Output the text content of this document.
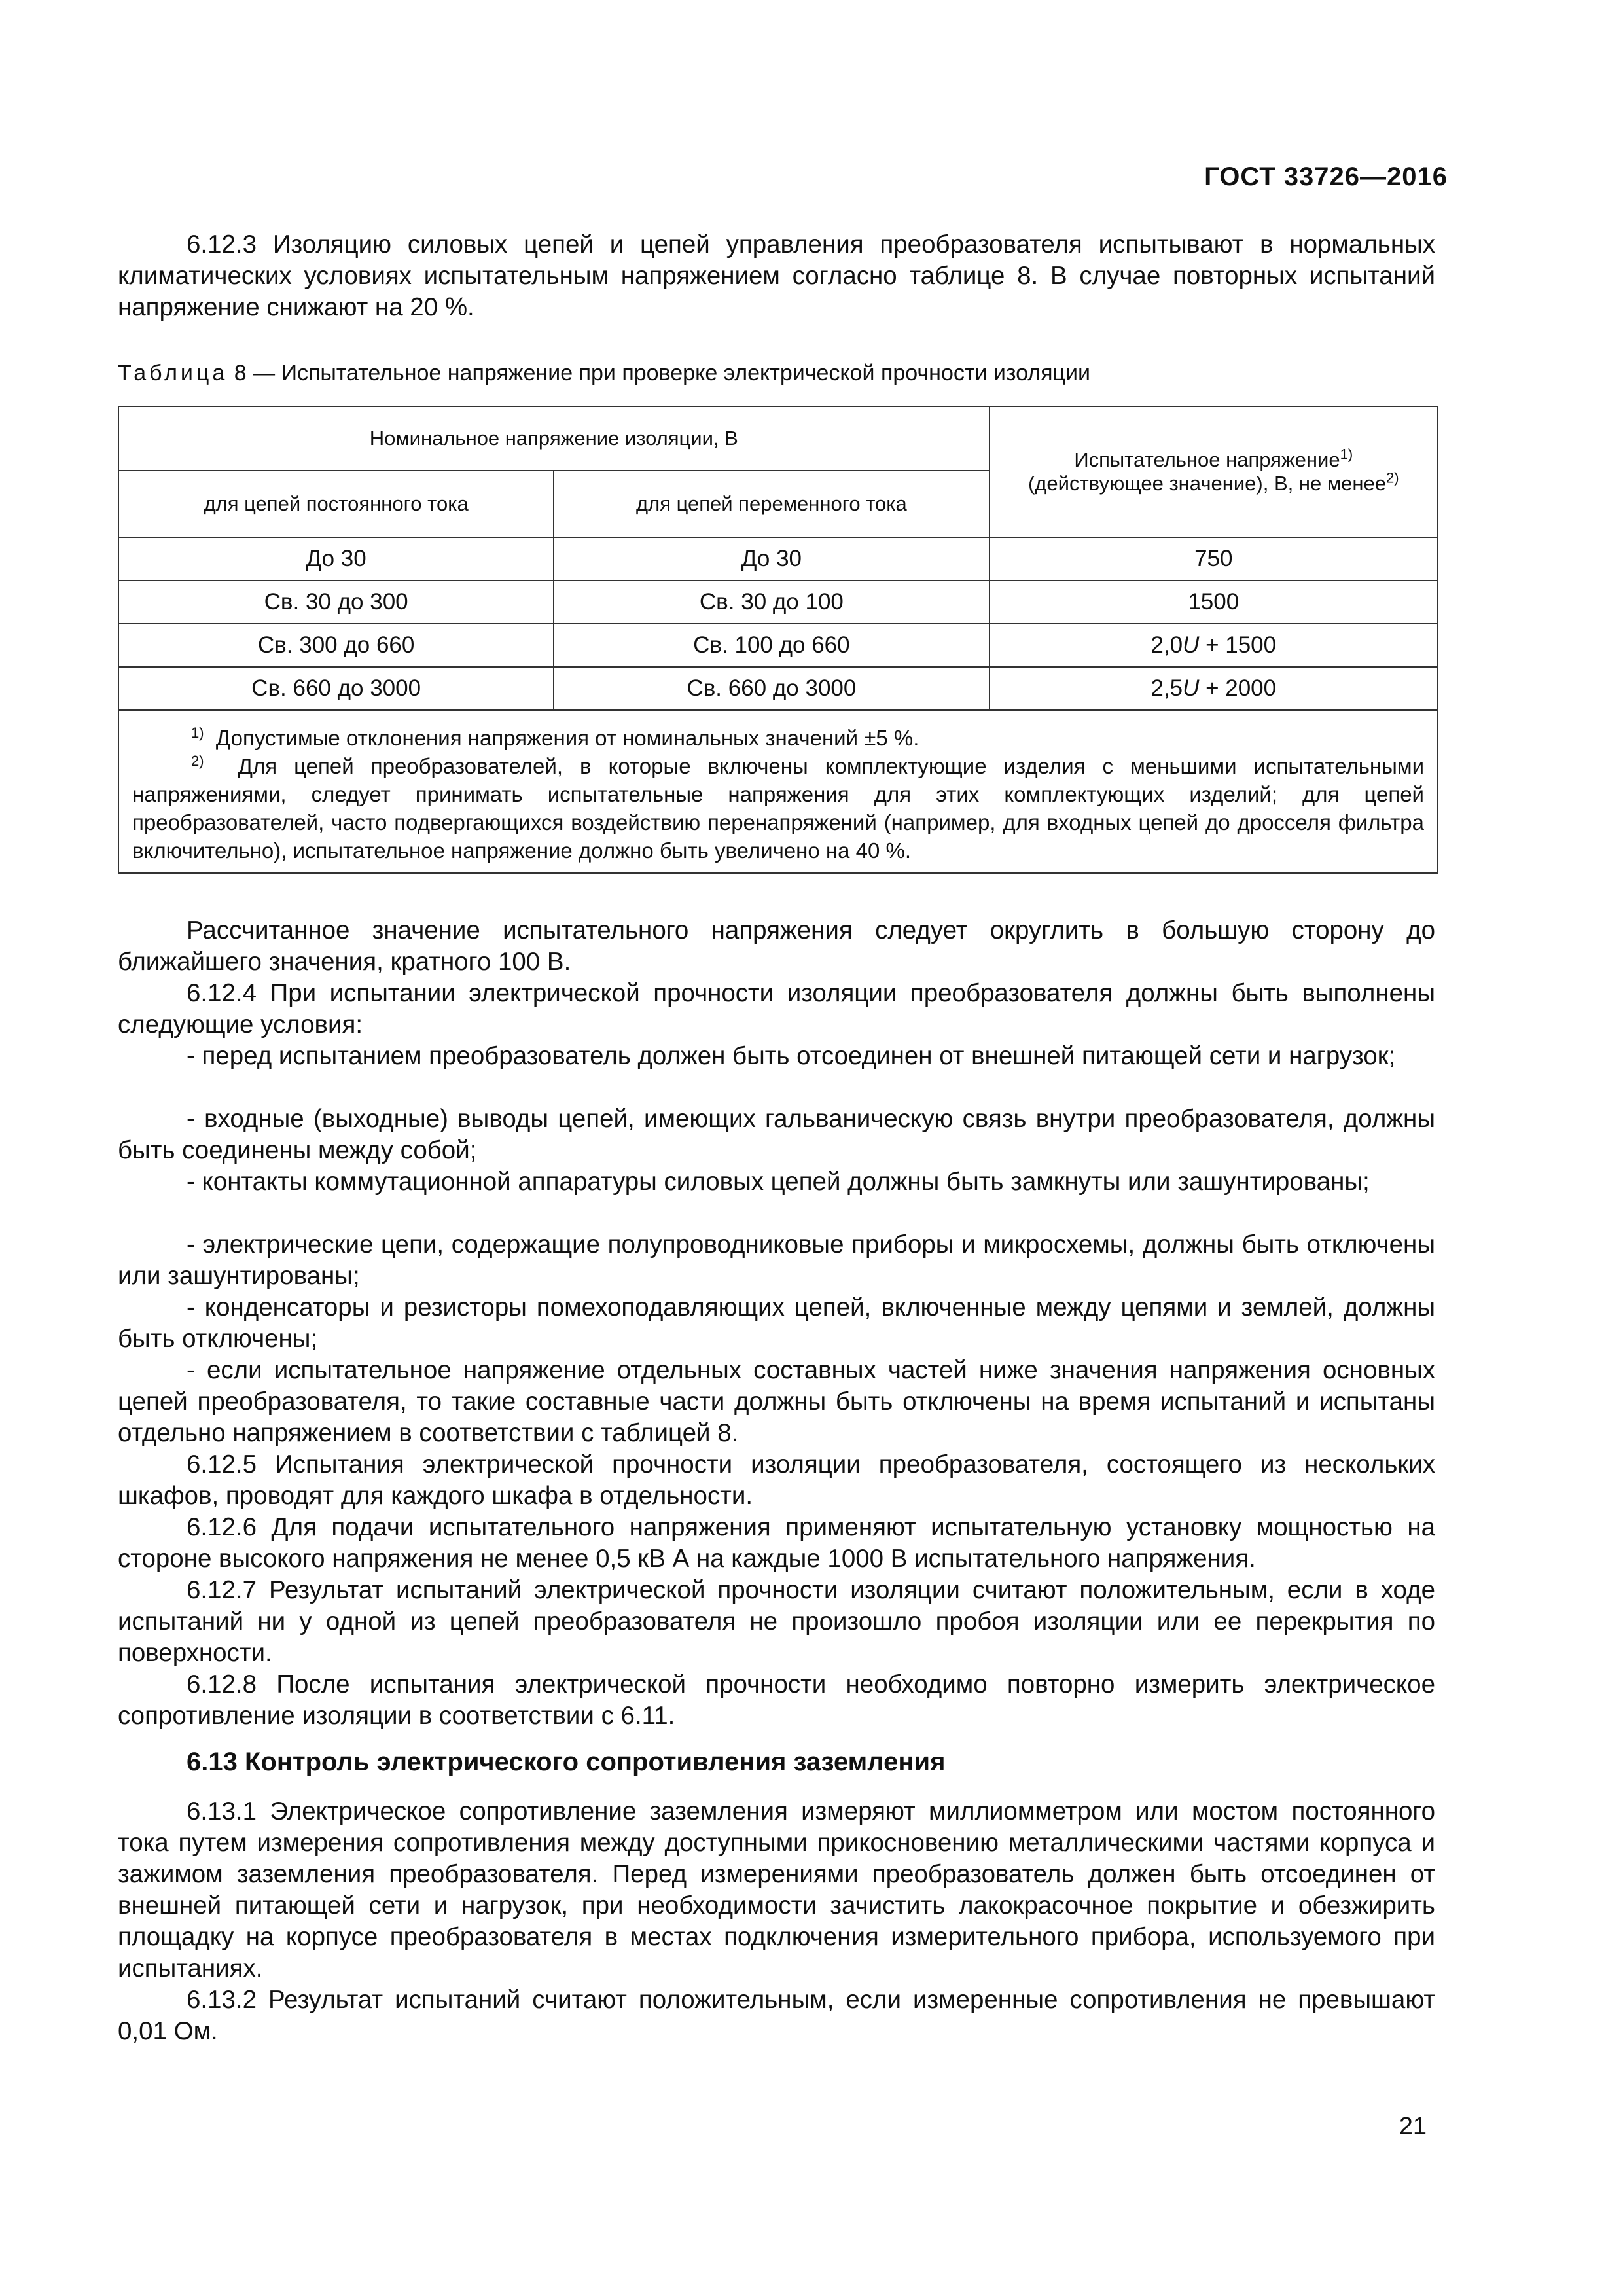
ГОСТ 33726—2016

6.12.3 Изоляцию силовых цепей и цепей управления преобразователя испытывают в нормальных климатических условиях испытательным напряжением согласно таблице 8. В случае повторных испытаний напряжение снижают на 20 %.

Таблица 8 — Испытательное напряжение при проверке электрической прочности изоляции
Номинальное напряжение изоляции, В		Испытательное напряжение$^{1)}$
(действующее значение), В, не менее$^{2)}$
для цепей постоянного тока	для цепей переменного тока	
До 30	До 30	750
Св. 30 до 300	Св. 30 до 100	1500
Св. 300 до 660	Св. 100 до 660	2,0U + 1500
Св. 660 до 3000	Св. 660 до 3000	2,5U + 2000

$^{1)}$ Допустимые отклонения напряжения от номинальных значений ±5 %.
$^{2)}$ Для цепей преобразователей, в которые включены комплектующие изделия с меньшими испытательными напряжениями, следует принимать испытательные напряжения для этих комплектующих изделий; для цепей преобразователей, часто подвергающихся воздействию перенапряжений (например, для входных цепей до дросселя фильтра включительно), испытательное напряжение должно быть увеличено на 40 %.		

Рассчитанное значение испытательного напряжения следует округлить в большую сторону до ближайшего значения, кратного 100 В.

6.12.4 При испытании электрической прочности изоляции преобразователя должны быть выполнены следующие условия:

- перед испытанием преобразователь должен быть отсоединен от внешней питающей сети и нагрузок;

- входные (выходные) выводы цепей, имеющих гальваническую связь внутри преобразователя, должны быть соединены между собой;

- контакты коммутационной аппаратуры силовых цепей должны быть замкнуты или зашунтированы;

- электрические цепи, содержащие полупроводниковые приборы и микросхемы, должны быть отключены или зашунтированы;

- конденсаторы и резисторы помехоподавляющих цепей, включенные между цепями и землей, должны быть отключены;

- если испытательное напряжение отдельных составных частей ниже значения напряжения основных цепей преобразователя, то такие составные части должны быть отключены на время испытаний и испытаны отдельно напряжением в соответствии с таблицей 8.

6.12.5 Испытания электрической прочности изоляции преобразователя, состоящего из нескольких шкафов, проводят для каждого шкафа в отдельности.

6.12.6 Для подачи испытательного напряжения применяют испытательную установку мощностью на стороне высокого напряжения не менее 0,5 кВ А на каждые 1000 В испытательного напряжения.

6.12.7 Результат испытаний электрической прочности изоляции считают положительным, если в ходе испытаний ни у одной из цепей преобразователя не произошло пробоя изоляции или ее перекрытия по поверхности.

6.12.8 После испытания электрической прочности необходимо повторно измерить электрическое сопротивление изоляции в соответствии с 6.11.

6.13 Контроль электрического сопротивления заземления

6.13.1 Электрическое сопротивление заземления измеряют миллиомметром или мостом постоянного тока путем измерения сопротивления между доступными прикосновению металлическими частями корпуса и зажимом заземления преобразователя. Перед измерениями преобразователь должен быть отсоединен от внешней питающей сети и нагрузок, при необходимости зачистить лакокрасочное покрытие и обезжирить площадку на корпусе преобразователя в местах подключения измерительного прибора, используемого при испытаниях.

6.13.2 Результат испытаний считают положительным, если измеренные сопротивления не превышают 0,01 Ом.

21
